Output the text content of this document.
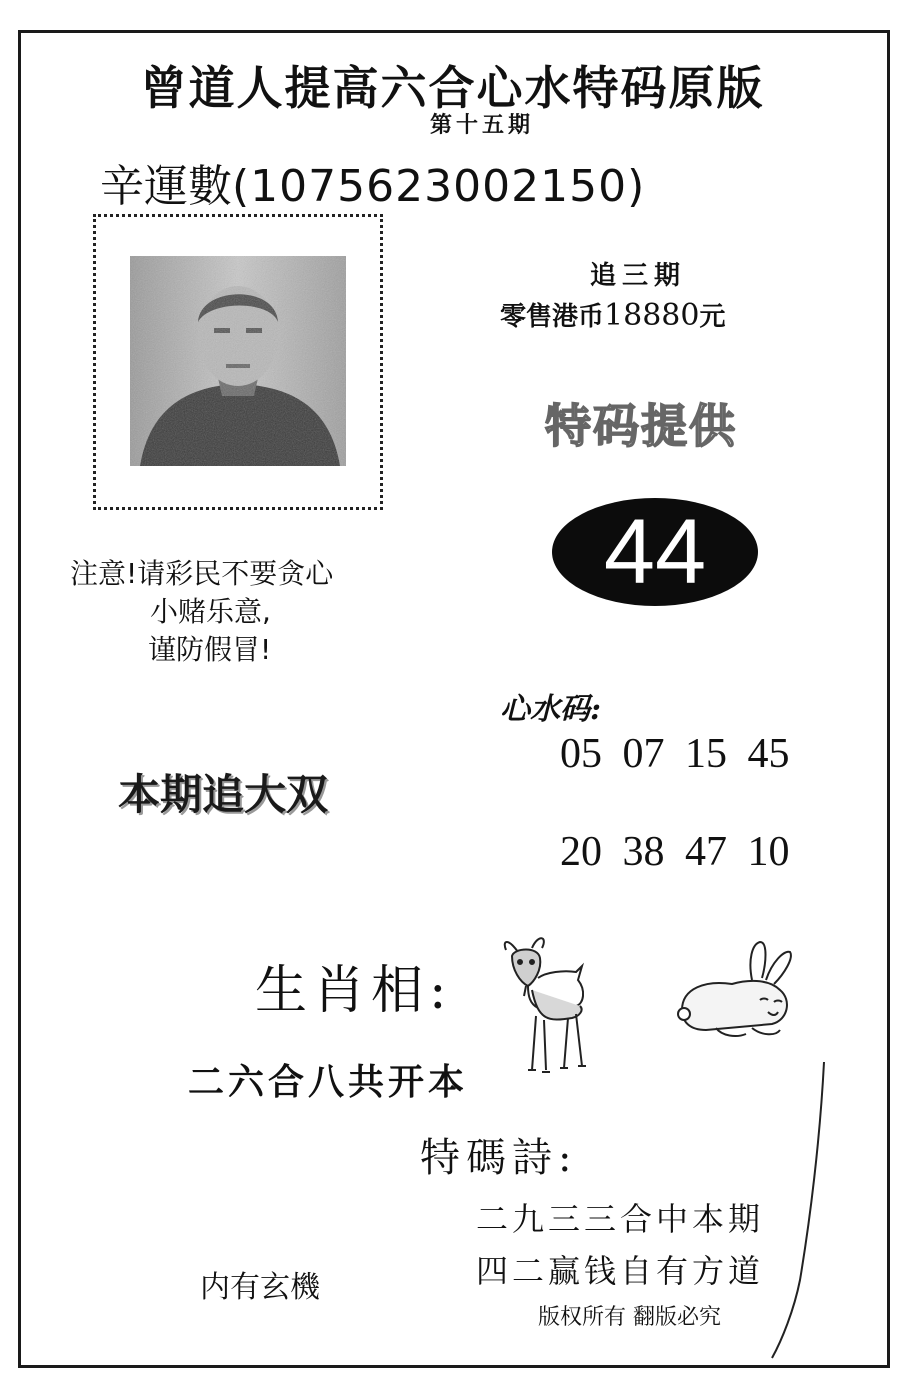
曾道人提高六合心水特码原版
第十五期
辛運數(1075623002150)
追三期
零售港币18880元
特码提供
44
注意!请彩民不要贪心
小赌乐意,
谨防假冒!
心水码:
05 07 15 45
20 38 47 10
本期追大双
生肖相:
二六合八共开本
特碼詩:
二九三三合中本期
四二赢钱自有方道
版权所有 翻版必究
内有玄機
